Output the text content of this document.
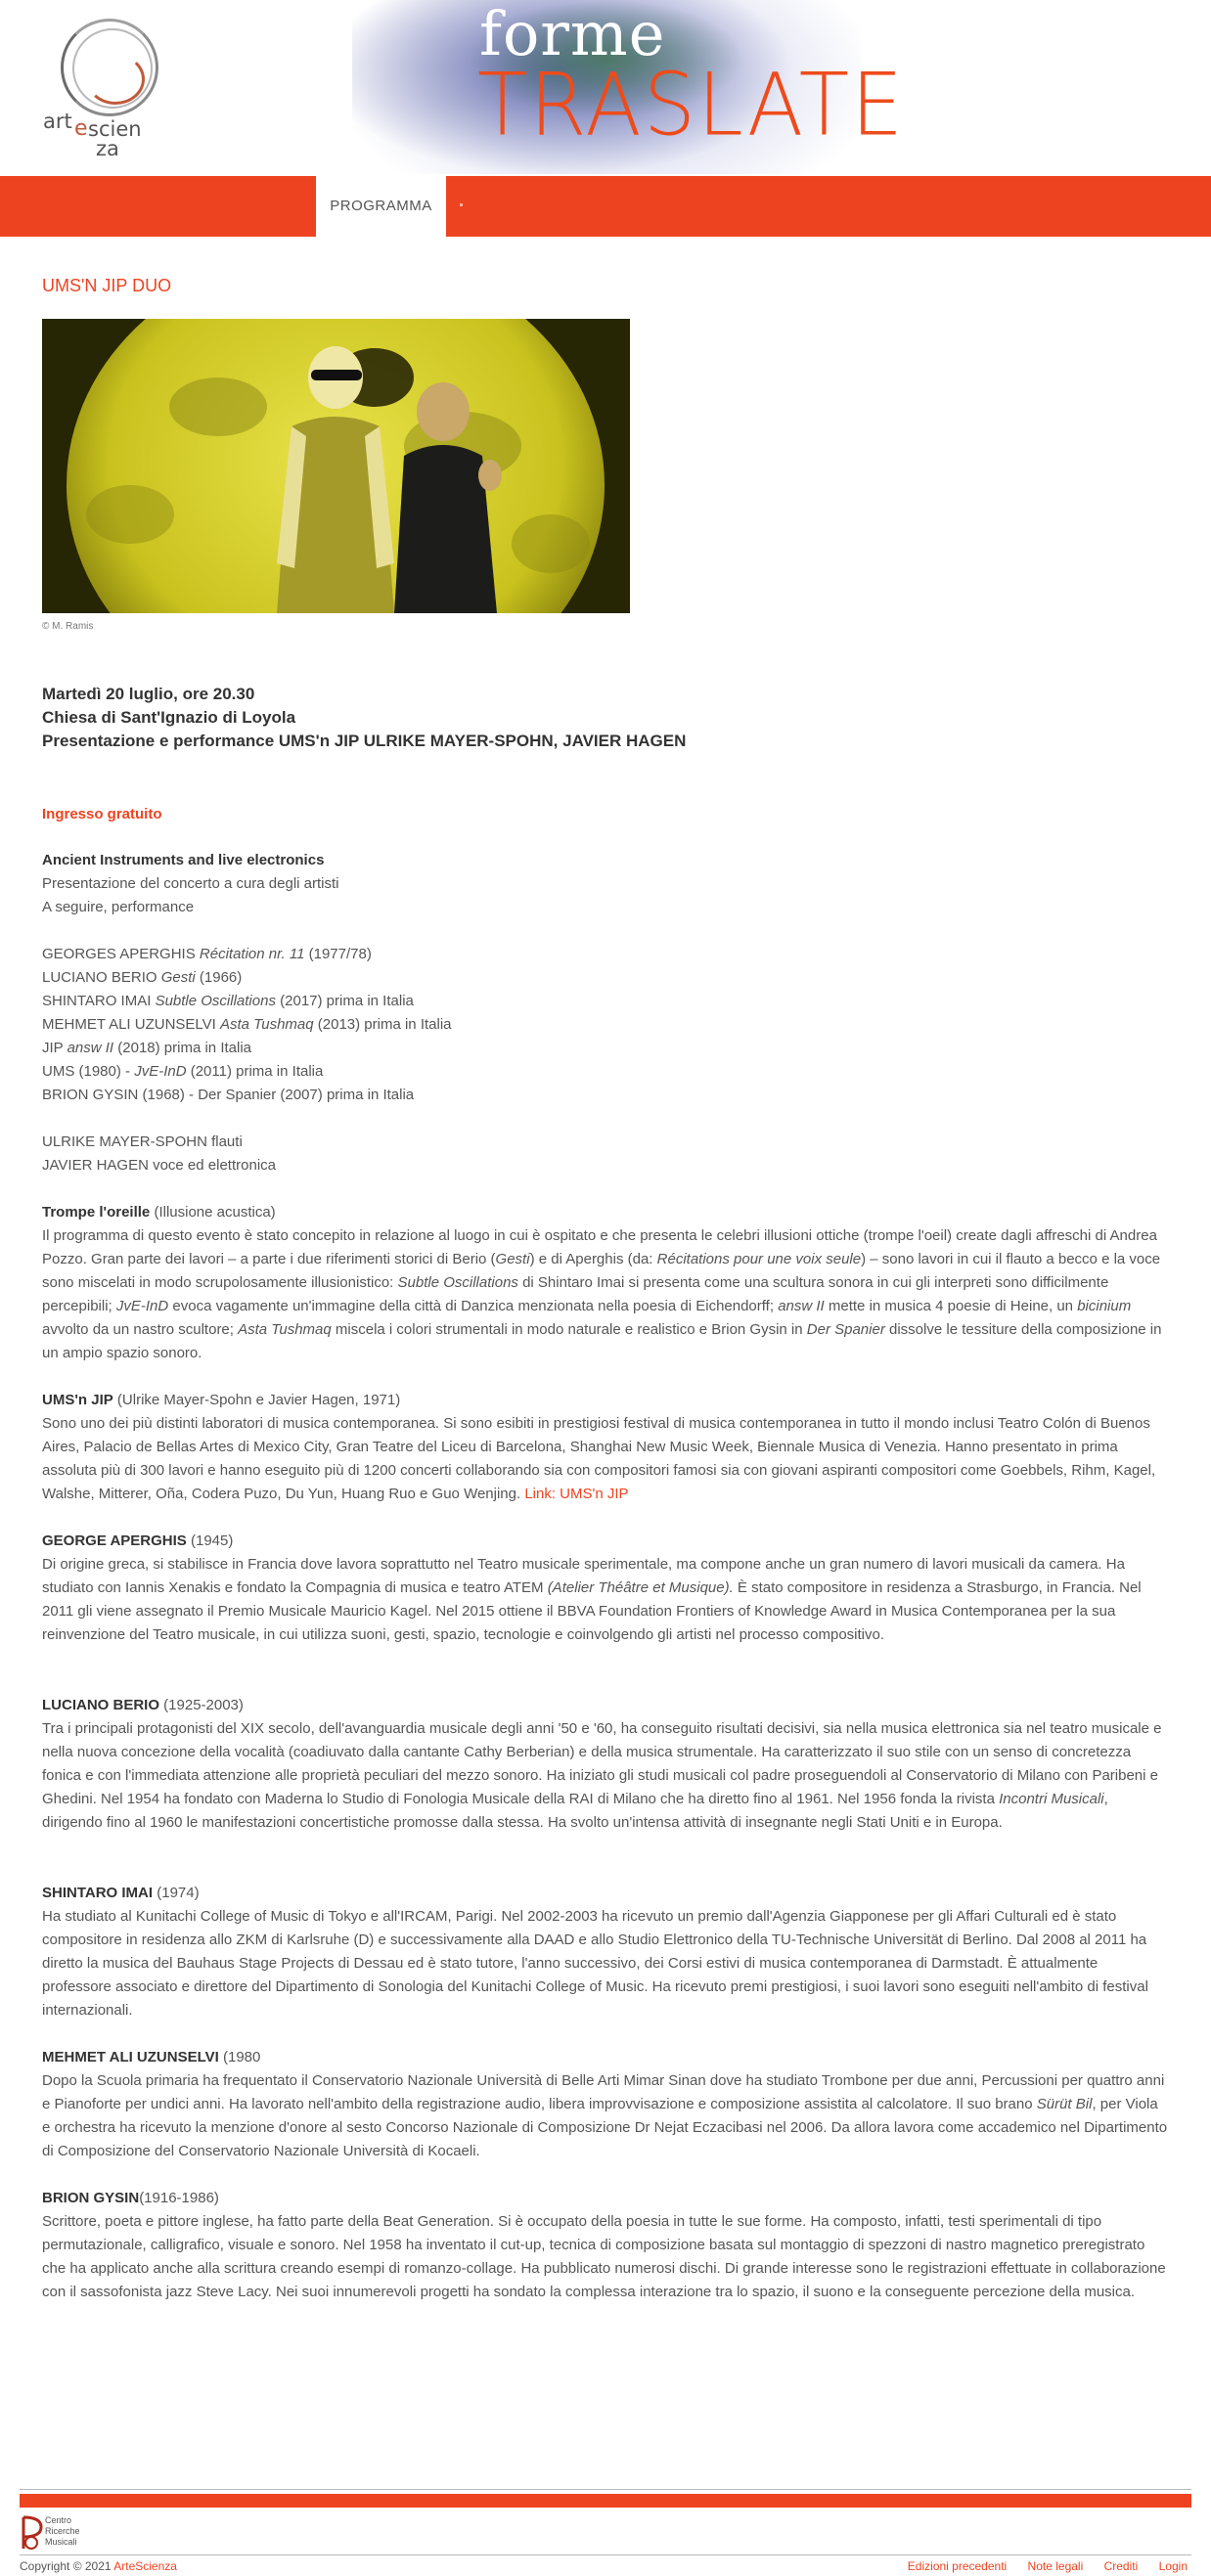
art e scien
za
forme
TRASLATE
PROGRAMMA
UMS'N JIP DUO
© M. Ramis
Martedì 20 luglio, ore 20.30
Chiesa di Sant'Ignazio di Loyola
Presentazione e performance UMS'n JIP ULRIKE MAYER-SPOHN, JAVIER HAGEN
Ingresso gratuito
Ancient Instruments and live electronics
Presentazione del concerto a cura degli artisti
A seguire, performance
GEORGES APERGHIS Récitation nr. 11 (1977/78)
LUCIANO BERIO Gesti (1966)
SHINTARO IMAI Subtle Oscillations (2017) prima in Italia
MEHMET ALI UZUNSELVI Asta Tushmaq (2013) prima in Italia
JIP answ II (2018) prima in Italia
UMS (1980) - JvE-InD (2011) prima in Italia
BRION GYSIN (1968) - Der Spanier (2007) prima in Italia
ULRIKE MAYER-SPOHN flauti
JAVIER HAGEN voce ed elettronica
Trompe l'oreille (Illusione acustica)
Il programma di questo evento è stato concepito in relazione al luogo in cui è ospitato e che presenta le celebri illusioni ottiche (trompe l'oeil) create dagli affreschi di Andrea Pozzo. Gran parte dei lavori – a parte i due riferimenti storici di Berio (Gesti) e di Aperghis (da: Récitations pour une voix seule) – sono lavori in cui il flauto a becco e la voce sono miscelati in modo scrupolosamente illusionistico: Subtle Oscillations di Shintaro Imai si presenta come una scultura sonora in cui gli interpreti sono difficilmente percepibili; JvE-InD evoca vagamente un'immagine della città di Danzica menzionata nella poesia di Eichendorff; answ II mette in musica 4 poesie di Heine, un bicinium avvolto da un nastro scultore; Asta Tushmaq miscela i colori strumentali in modo naturale e realistico e Brion Gysin in Der Spanier dissolve le tessiture della composizione in un ampio spazio sonoro.
UMS'n JIP (Ulrike Mayer-Spohn e Javier Hagen, 1971)
Sono uno dei più distinti laboratori di musica contemporanea. Si sono esibiti in prestigiosi festival di musica contemporanea in tutto il mondo inclusi Teatro Colón di Buenos Aires, Palacio de Bellas Artes di Mexico City, Gran Teatre del Liceu di Barcelona, Shanghai New Music Week, Biennale Musica di Venezia. Hanno presentato in prima assoluta più di 300 lavori e hanno eseguito più di 1200 concerti collaborando sia con compositori famosi sia con giovani aspiranti compositori come Goebbels, Rihm, Kagel, Walshe, Mitterer, Oña, Codera Puzo, Du Yun, Huang Ruo e Guo Wenjing. Link: UMS'n JIP
GEORGE APERGHIS (1945)
Di origine greca, si stabilisce in Francia dove lavora soprattutto nel Teatro musicale sperimentale, ma compone anche un gran numero di lavori musicali da camera. Ha studiato con Iannis Xenakis e fondato la Compagnia di musica e teatro ATEM (Atelier Théâtre et Musique). È stato compositore in residenza a Strasburgo, in Francia. Nel 2011 gli viene assegnato il Premio Musicale Mauricio Kagel. Nel 2015 ottiene il BBVA Foundation Frontiers of Knowledge Award in Musica Contemporanea per la sua reinvenzione del Teatro musicale, in cui utilizza suoni, gesti, spazio, tecnologie e coinvolgendo gli artisti nel processo compositivo.
LUCIANO BERIO (1925-2003)
Tra i principali protagonisti del XIX secolo, dell'avanguardia musicale degli anni '50 e '60, ha conseguito risultati decisivi, sia nella musica elettronica sia nel teatro musicale e nella nuova concezione della vocalità (coadiuvato dalla cantante Cathy Berberian) e della musica strumentale. Ha caratterizzato il suo stile con un senso di concretezza fonica e con l'immediata attenzione alle proprietà peculiari del mezzo sonoro. Ha iniziato gli studi musicali col padre proseguendoli al Conservatorio di Milano con Paribeni e Ghedini. Nel 1954 ha fondato con Maderna lo Studio di Fonologia Musicale della RAI di Milano che ha diretto fino al 1961. Nel 1956 fonda la rivista Incontri Musicali, dirigendo fino al 1960 le manifestazioni concertistiche promosse dalla stessa. Ha svolto un'intensa attività di insegnante negli Stati Uniti e in Europa.
SHINTARO IMAI (1974)
Ha studiato al Kunitachi College of Music di Tokyo e all'IRCAM, Parigi. Nel 2002-2003 ha ricevuto un premio dall'Agenzia Giapponese per gli Affari Culturali ed è stato compositore in residenza allo ZKM di Karlsruhe (D) e successivamente alla DAAD e allo Studio Elettronico della TU-Technische Universität di Berlino. Dal 2008 al 2011 ha diretto la musica del Bauhaus Stage Projects di Dessau ed è stato tutore, l'anno successivo, dei Corsi estivi di musica contemporanea di Darmstadt. È attualmente professore associato e direttore del Dipartimento di Sonologia del Kunitachi College of Music. Ha ricevuto premi prestigiosi, i suoi lavori sono eseguiti nell'ambito di festival internazionali.
MEHMET ALI UZUNSELVI (1980
Dopo la Scuola primaria ha frequentato il Conservatorio Nazionale Università di Belle Arti Mimar Sinan dove ha studiato Trombone per due anni, Percussioni per quattro anni e Pianoforte per undici anni. Ha lavorato nell'ambito della registrazione audio, libera improvvisazione e composizione assistita al calcolatore. Il suo brano Sürüt Bil, per Viola e orchestra ha ricevuto la menzione d'onore al sesto Concorso Nazionale di Composizione Dr Nejat Eczacibasi nel 2006. Da allora lavora come accademico nel Dipartimento di Composizione del Conservatorio Nazionale Università di Kocaeli.
BRION GYSIN(1916-1986)
Scrittore, poeta e pittore inglese, ha fatto parte della Beat Generation. Si è occupato della poesia in tutte le sue forme. Ha composto, infatti, testi sperimentali di tipo permutazionale, calligrafico, visuale e sonoro. Nel 1958 ha inventato il cut-up, tecnica di composizione basata sul montaggio di spezzoni di nastro magnetico preregistrato che ha applicato anche alla scrittura creando esempi di romanzo-collage. Ha pubblicato numerosi dischi. Di grande interesse sono le registrazioni effettuate in collaborazione con il sassofonista jazz Steve Lacy. Nei suoi innumerevoli progetti ha sondato la complessa interazione tra lo spazio, il suono e la conseguente percezione della musica.
Centro
Ricerche
Musicali
Copyright © 2021 ArteScienza	Edizioni precedenti Note legali Crediti Login
